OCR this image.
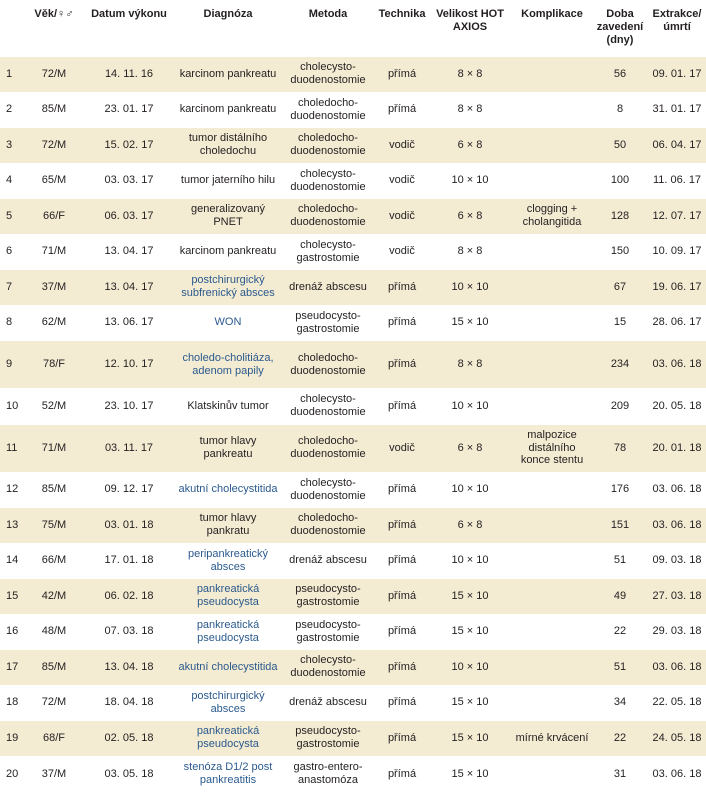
	Věk/♀♂	Datum výkonu	Diagnóza	Metoda	Technika	Velikost HOT AXIOS	Komplikace	Doba zavedení (dny)	Extrakce/ úmrtí
1	72/M	14. 11. 16	karcinom pankreatu	cholecysto-duodenostomie	přímá	8 × 8		56	09. 01. 17
2	85/M	23. 01. 17	karcinom pankreatu	choledocho-duodenostomie	přímá	8 × 8		8	31. 01. 17
3	72/M	15. 02. 17	tumor distálního choledochu	choledocho-duodenostomie	vodič	6 × 8		50	06. 04. 17
4	65/M	03. 03. 17	tumor jaterního hilu	cholecysto-duodenostomie	vodič	10 × 10		100	11. 06. 17
5	66/F	06. 03. 17	generalizovaný PNET	choledocho-duodenostomie	vodič	6 × 8	clogging + cholangitida	128	12. 07. 17
6	71/M	13. 04. 17	karcinom pankreatu	cholecysto-gastrostomie	vodič	8 × 8		150	10. 09. 17
7	37/M	13. 04. 17	postchirurgický subfrenický absces	drenáž abscesu	přímá	10 × 10		67	19. 06. 17
8	62/M	13. 06. 17	WON	pseudocysto-gastrostomie	přímá	15 × 10		15	28. 06. 17
9	78/F	12. 10. 17	choledo-cholitiáza, adenom papily	choledocho-duodenostomie	přímá	8 × 8		234	03. 06. 18
10	52/M	23. 10. 17	Klatskinův tumor	cholecysto-duodenostomie	přímá	10 × 10		209	20. 05. 18
11	71/M	03. 11. 17	tumor hlavy pankreatu	choledocho-duodenostomie	vodič	6 × 8	malpozice distálního konce stentu	78	20. 01. 18
12	85/M	09. 12. 17	akutní cholecystitida	cholecysto-duodenostomie	přímá	10 × 10		176	03. 06. 18
13	75/M	03. 01. 18	tumor hlavy pankratu	choledocho-duodenostomie	přímá	6 × 8		151	03. 06. 18
14	66/M	17. 01. 18	peripankreatický absces	drenáž abscesu	přímá	10 × 10		51	09. 03. 18
15	42/M	06. 02. 18	pankreatická pseudocysta	pseudocysto-gastrostomie	přímá	15 × 10		49	27. 03. 18
16	48/M	07. 03. 18	pankreatická pseudocysta	pseudocysto-gastrostomie	přímá	15 × 10		22	29. 03. 18
17	85/M	13. 04. 18	akutní cholecystitida	cholecysto-duodenostomie	přímá	10 × 10		51	03. 06. 18
18	72/M	18. 04. 18	postchirurgický absces	drenáž abscesu	přímá	15 × 10		34	22. 05. 18
19	68/F	02. 05. 18	pankreatická pseudocysta	pseudocysto-gastrostomie	přímá	15 × 10	mírné krvácení	22	24. 05. 18
20	37/M	03. 05. 18	stenóza D1/2 post pankreatitis	gastro-entero-anastomóza	přímá	15 × 10		31	03. 06. 18
